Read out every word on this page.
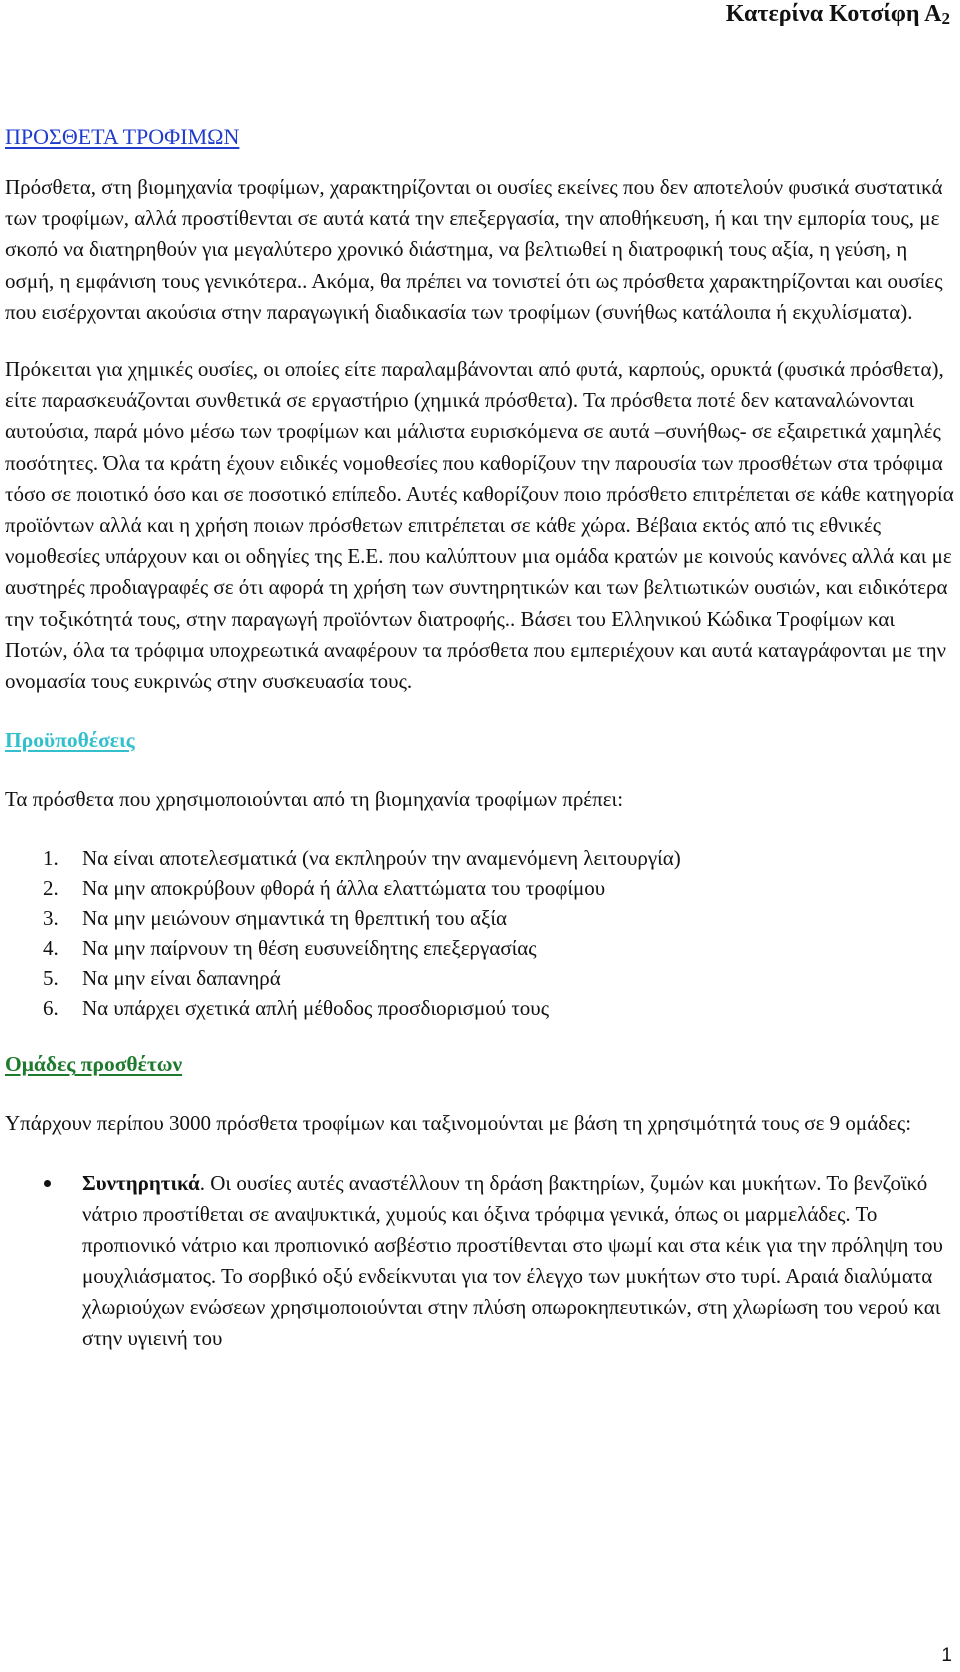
Κατερίνα Κοτσίφη $A_2$
ΠΡΟΣΘΕΤΑ ΤΡΟΦΙΜΩΝ

Πρόσθετα, στη βιομηχανία τροφίμων, χαρακτηρίζονται οι ουσίες εκείνες που δεν αποτελούν φυσικά συστατικά των τροφίμων, αλλά προστίθενται σε αυτά κατά την επεξεργασία, την αποθήκευση, ή και την εμπορία τους, με σκοπό να διατηρηθούν για μεγαλύτερο χρονικό διάστημα, να βελτιωθεί η διατροφική τους αξία, η γεύση, η οσμή, η εμφάνιση τους γενικότερα.. Ακόμα, θα πρέπει να τονιστεί ότι ως πρόσθετα χαρακτηρίζονται και ουσίες που εισέρχονται ακούσια στην παραγωγική διαδικασία των τροφίμων (συνήθως κατάλοιπα ή εκχυλίσματα).

Πρόκειται για χημικές ουσίες, οι οποίες είτε παραλαμβάνονται από φυτά, καρπούς, ορυκτά (φυσικά πρόσθετα), είτε παρασκευάζονται συνθετικά σε εργαστήριο (χημικά πρόσθετα). Τα πρόσθετα ποτέ δεν καταναλώνονται αυτούσια, παρά μόνο μέσω των τροφίμων και μάλιστα ευρισκόμενα σε αυτά –συνήθως- σε εξαιρετικά χαμηλές ποσότητες. Όλα τα κράτη έχουν ειδικές νομοθεσίες που καθορίζουν την παρουσία των προσθέτων στα τρόφιμα τόσο σε ποιοτικό όσο και σε ποσοτικό επίπεδο. Αυτές καθορίζουν ποιο πρόσθετο επιτρέπεται σε κάθε κατηγορία προϊόντων αλλά και η χρήση ποιων πρόσθετων επιτρέπεται σε κάθε χώρα. Βέβαια εκτός από τις εθνικές νομοθεσίες υπάρχουν και οι οδηγίες της Ε.Ε. που καλύπτουν μια ομάδα κρατών με κοινούς κανόνες αλλά και με αυστηρές προδιαγραφές σε ότι αφορά τη χρήση των συντηρητικών και των βελτιωτικών ουσιών, και ειδικότερα την τοξικότητά τους, στην παραγωγή προϊόντων διατροφής.. Βάσει του Ελληνικού Κώδικα Τροφίμων και Ποτών, όλα τα τρόφιμα υποχρεωτικά αναφέρουν τα πρόσθετα που εμπεριέχουν και αυτά καταγράφονται με την ονομασία τους ευκρινώς στην συσκευασία τους.

Προϋποθέσεις

Τα πρόσθετα που χρησιμοποιούνται από τη βιομηχανία τροφίμων πρέπει:

1. Να είναι αποτελεσματικά (να εκπληρούν την αναμενόμενη λειτουργία)
2. Να μην αποκρύβουν φθορά ή άλλα ελαττώματα του τροφίμου
3. Να μην μειώνουν σημαντικά τη θρεπτική του αξία
4. Να μην παίρνουν τη θέση ευσυνείδητης επεξεργασίας
5. Να μην είναι δαπανηρά
6. Να υπάρχει σχετικά απλή μέθοδος προσδιορισμού τους
Ομάδες προσθέτων

Υπάρχουν περίπου 3000 πρόσθετα τροφίμων και ταξινομούνται με βάση τη χρησιμότητά τους σε 9 ομάδες:

Συντηρητικά. Οι ουσίες αυτές αναστέλλουν τη δράση βακτηρίων, ζυμών και μυκήτων. Το βενζοϊκό νάτριο προστίθεται σε αναψυκτικά, χυμούς και όξινα τρόφιμα γενικά, όπως οι μαρμελάδες. Το προπιονικό νάτριο και προπιονικό ασβέστιο προστίθενται στο ψωμί και στα κέικ για την πρόληψη του μουχλιάσματος. Το σορβικό οξύ ενδείκνυται για τον έλεγχο των μυκήτων στο τυρί. Αραιά διαλύματα χλωριούχων ενώσεων χρησιμοποιούνται στην πλύση οπωροκηπευτικών, στη χλωρίωση του νερού και στην υγιεινή του
1
